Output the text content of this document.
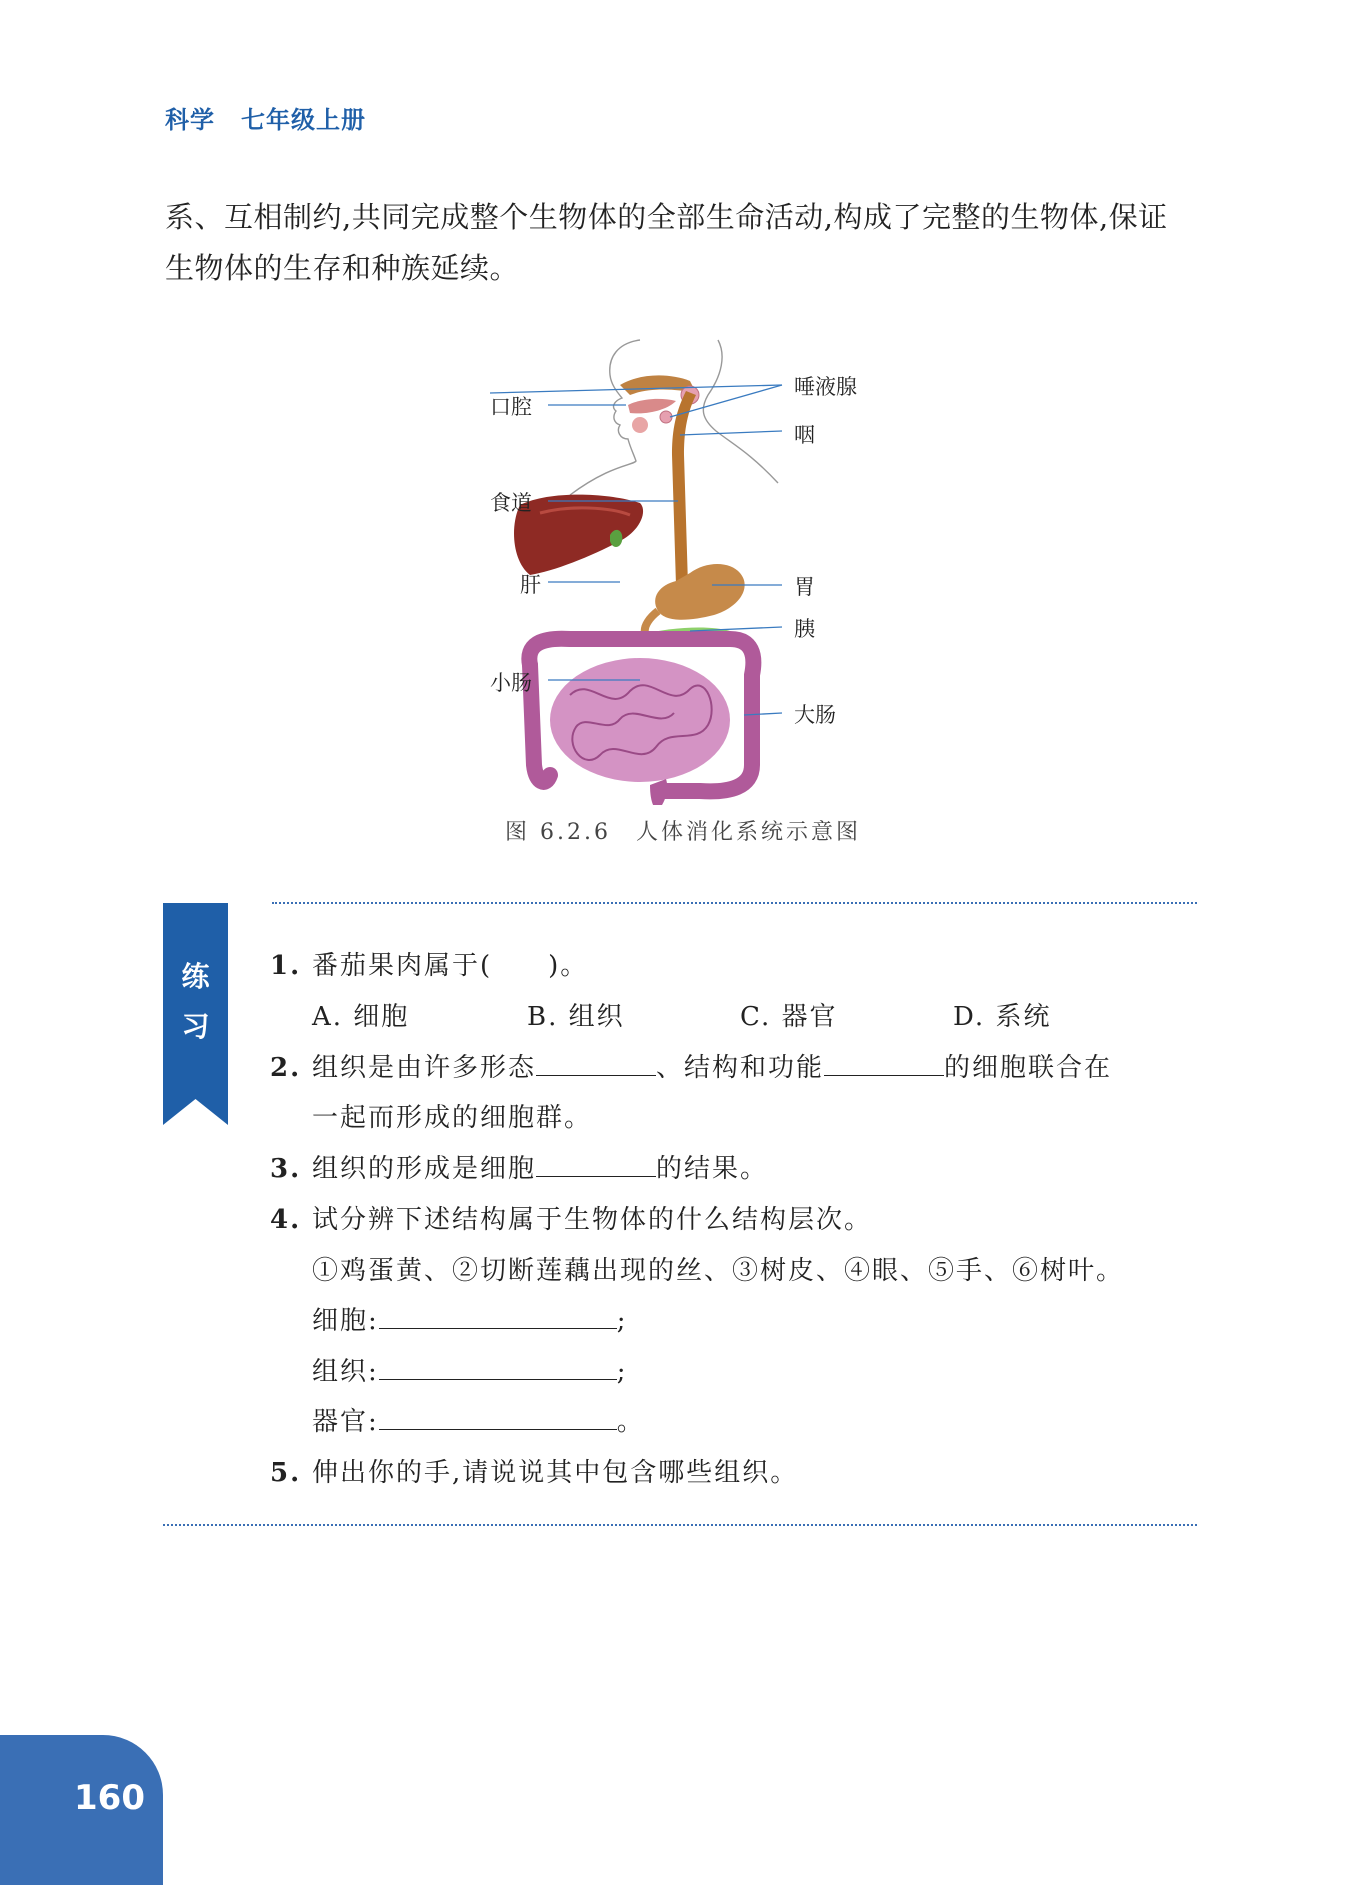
科学 七年级上册
系、互相制约,共同完成整个生物体的全部生命活动,构成了完整的生物体,保证
生物体的生存和种族延续。
口腔
唾液腺
咽
食道
肝	胃
胰
小肠
大肠
图 6.2.6　人体消化系统示意图
练
习
1. 番茄果肉属于(　　)。
A. 细胞	B. 组织	C. 器官	D. 系统
2. 组织是由许多形态	、结构和功能	的细胞联合在
一起而形成的细胞群。
3. 组织的形成是细胞	的结果。
4. 试分辨下述结构属于生物体的什么结构层次。
①鸡蛋黄、②切断莲藕出现的丝、③树皮、④眼、⑤手、⑥树叶。
细胞:	;
组织:	;
器官:	。
5. 伸出你的手,请说说其中包含哪些组织。
160
